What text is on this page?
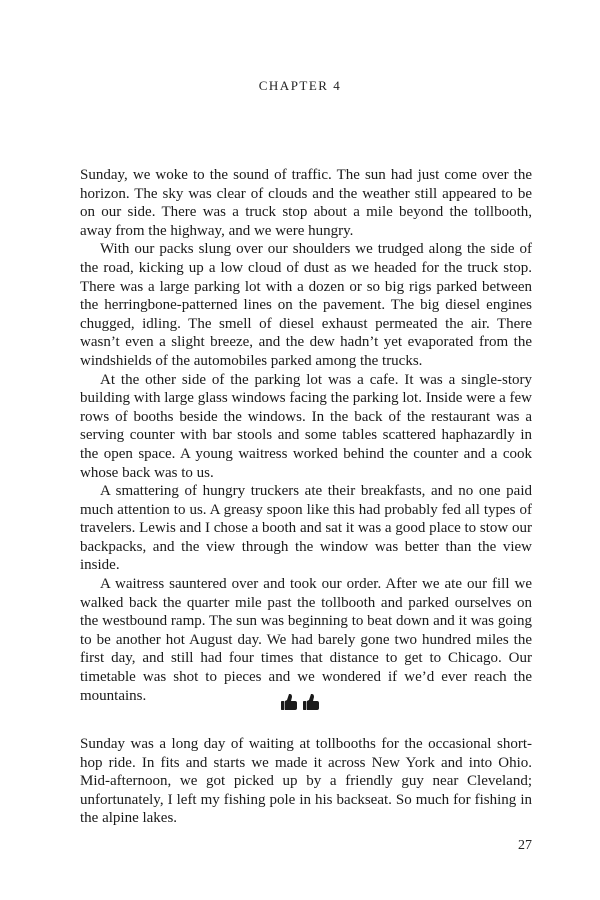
CHAPTER 4

Sunday, we woke to the sound of traffic. The sun had just come over the horizon. The sky was clear of clouds and the weather still appeared to be on our side. There was a truck stop about a mile beyond the tollbooth, away from the highway, and we were hungry.

With our packs slung over our shoulders we trudged along the side of the road, kicking up a low cloud of dust as we headed for the truck stop. There was a large parking lot with a dozen or so big rigs parked between the herringbone-patterned lines on the pavement. The big diesel engines chugged, idling. The smell of diesel exhaust permeated the air. There wasn’t even a slight breeze, and the dew hadn’t yet evaporated from the windshields of the automobiles parked among the trucks.

At the other side of the parking lot was a cafe. It was a single-story building with large glass windows facing the parking lot. Inside were a few rows of booths beside the windows. In the back of the restaurant was a serving counter with bar stools and some tables scattered haphazardly in the open space. A young waitress worked behind the counter and a cook whose back was to us.

A smattering of hungry truckers ate their breakfasts, and no one paid much attention to us. A greasy spoon like this had probably fed all types of travelers. Lewis and I chose a booth and sat it was a good place to stow our backpacks, and the view through the window was better than the view inside.

A waitress sauntered over and took our order. After we ate our fill we walked back the quarter mile past the tollbooth and parked ourselves on the westbound ramp. The sun was beginning to beat down and it was going to be another hot August day. We had barely gone two hundred miles the first day, and still had four times that distance to get to Chicago. Our timetable was shot to pieces and we wondered if we’d ever reach the mountains.

Sunday was a long day of waiting at tollbooths for the occasional short-hop ride. In fits and starts we made it across New York and into Ohio. Mid-afternoon, we got picked up by a friendly guy near Cleveland; unfortunately, I left my fishing pole in his backseat. So much for fishing in the alpine lakes.

27
